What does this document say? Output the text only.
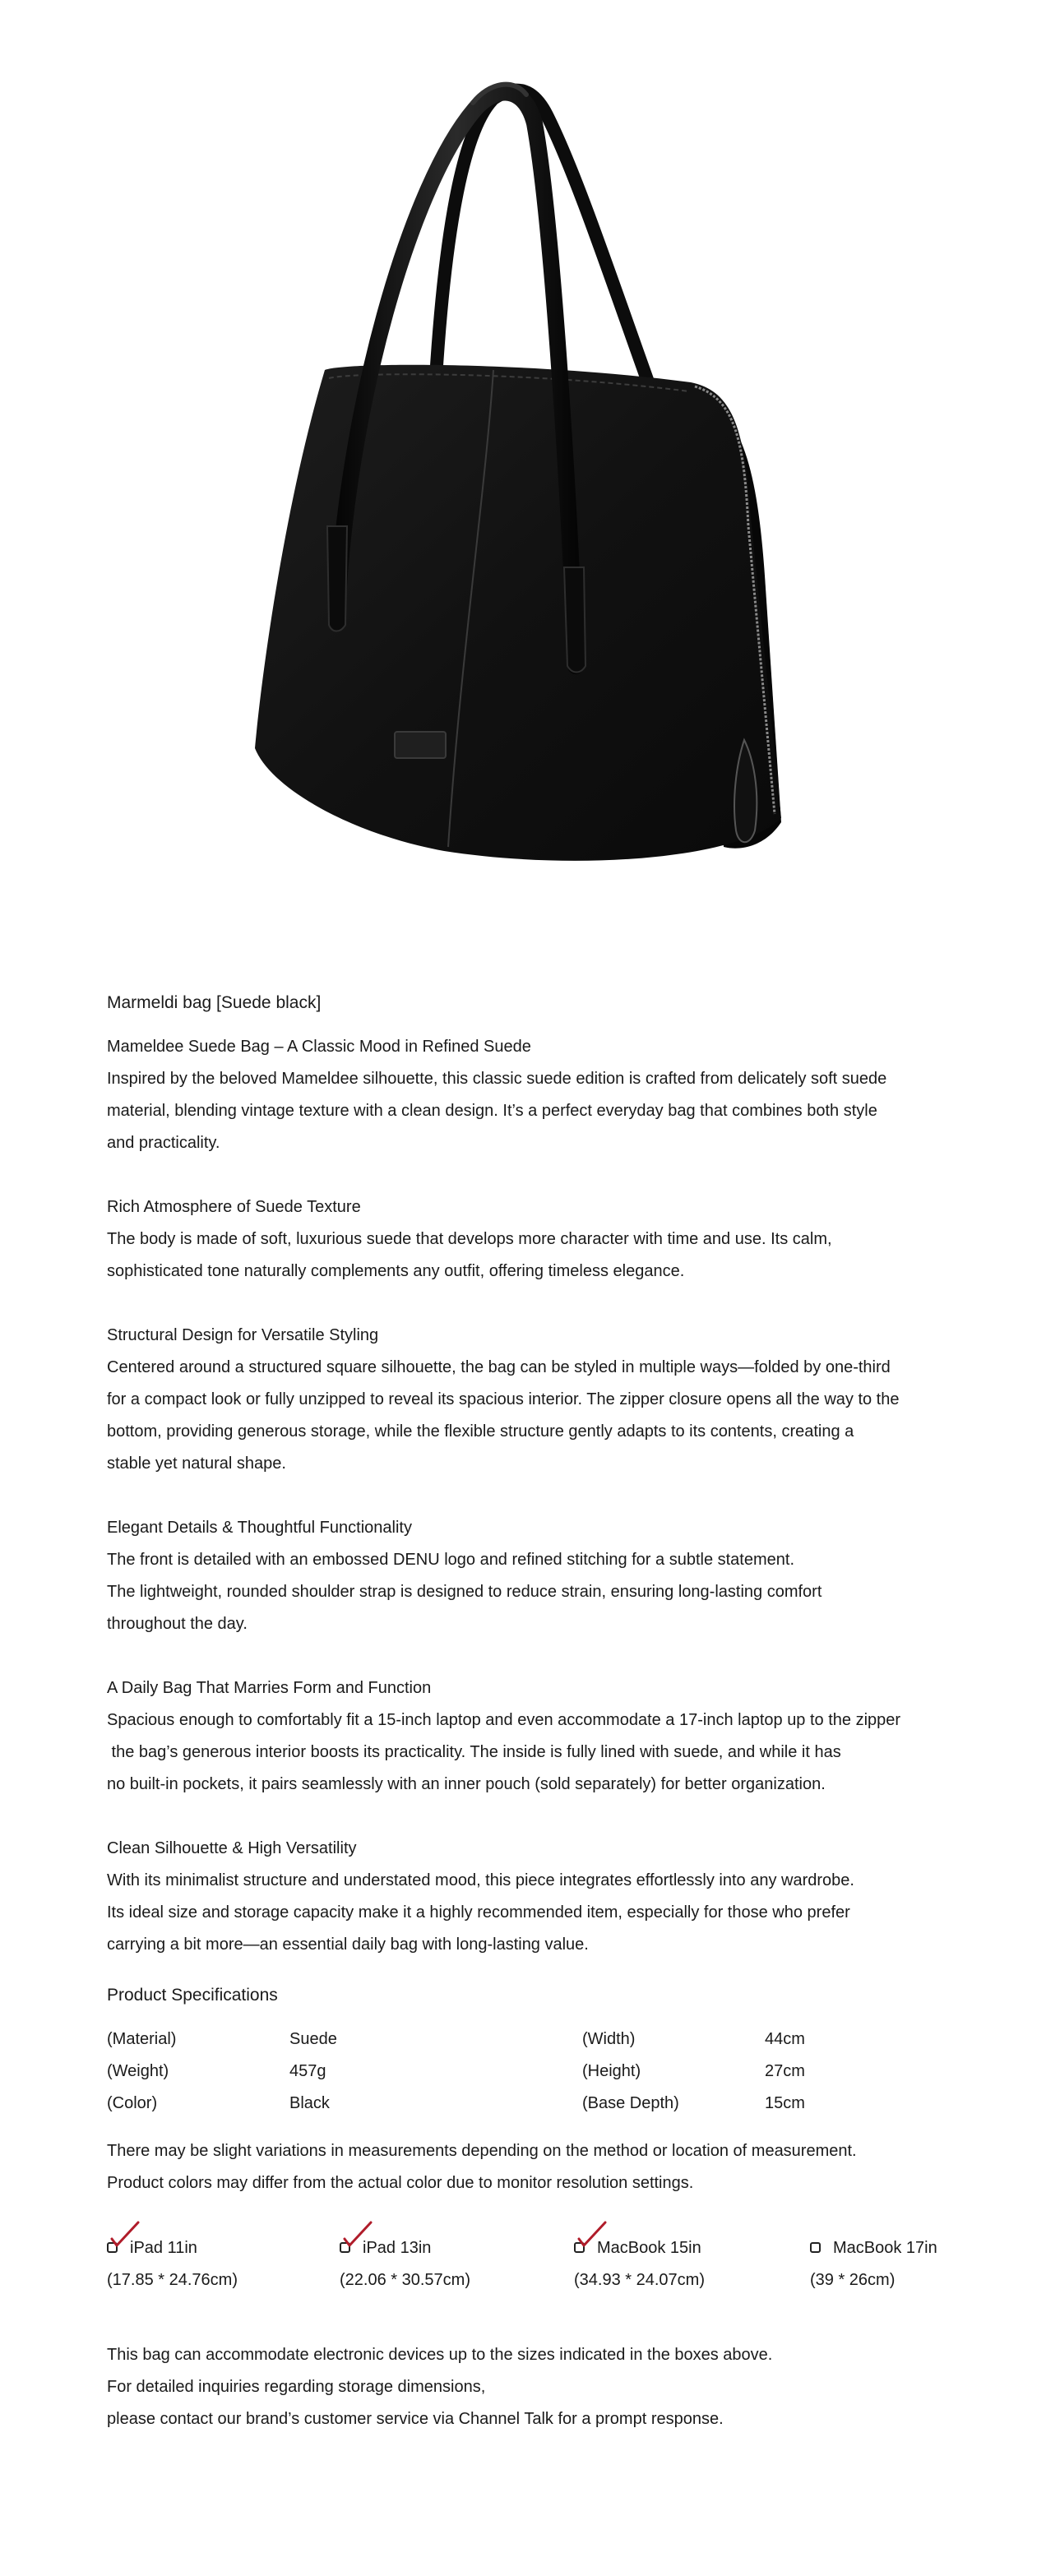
Marmeldi bag [Suede black]

Mameldee Suede Bag – A Classic Mood in Refined Suede

Inspired by the beloved Mameldee silhouette, this classic suede edition is crafted from delicately soft suede

material, blending vintage texture with a clean design. It’s a perfect everyday bag that combines both style

and practicality.

Rich Atmosphere of Suede Texture

The body is made of soft, luxurious suede that develops more character with time and use. Its calm,

sophisticated tone naturally complements any outfit, offering timeless elegance.

Structural Design for Versatile Styling

Centered around a structured square silhouette, the bag can be styled in multiple ways—folded by one-third

for a compact look or fully unzipped to reveal its spacious interior. The zipper closure opens all the way to the

bottom, providing generous storage, while the flexible structure gently adapts to its contents, creating a

stable yet natural shape.

Elegant Details & Thoughtful Functionality

The front is detailed with an embossed DENU logo and refined stitching for a subtle statement.

The lightweight, rounded shoulder strap is designed to reduce strain, ensuring long-lasting comfort

throughout the day.

A Daily Bag That Marries Form and Function

Spacious enough to comfortably fit a 15-inch laptop and even accommodate a 17-inch laptop up to the zipper

the bag’s generous interior boosts its practicality. The inside is fully lined with suede, and while it has

no built-in pockets, it pairs seamlessly with an inner pouch (sold separately) for better organization.

Clean Silhouette & High Versatility

With its minimalist structure and understated mood, this piece integrates effortlessly into any wardrobe.

Its ideal size and storage capacity make it a highly recommended item, especially for those who prefer

carrying a bit more—an essential daily bag with long-lasting value.

Product Specifications
(Material)	Suede	(Width)	44cm
(Weight)	457g	(Height)	27cm
(Color)	Black	(Base Depth)	15cm

There may be slight variations in measurements depending on the method or location of measurement.

Product colors may differ from the actual color due to monitor resolution settings.

iPad 11in
(17.85 * 24.76cm)
iPad 13in
(22.06 * 30.57cm)
MacBook 15in
(34.93 * 24.07cm)
MacBook 17in
(39 * 26cm)

This bag can accommodate electronic devices up to the sizes indicated in the boxes above.

For detailed inquiries regarding storage dimensions,

please contact our brand’s customer service via Channel Talk for a prompt response.
